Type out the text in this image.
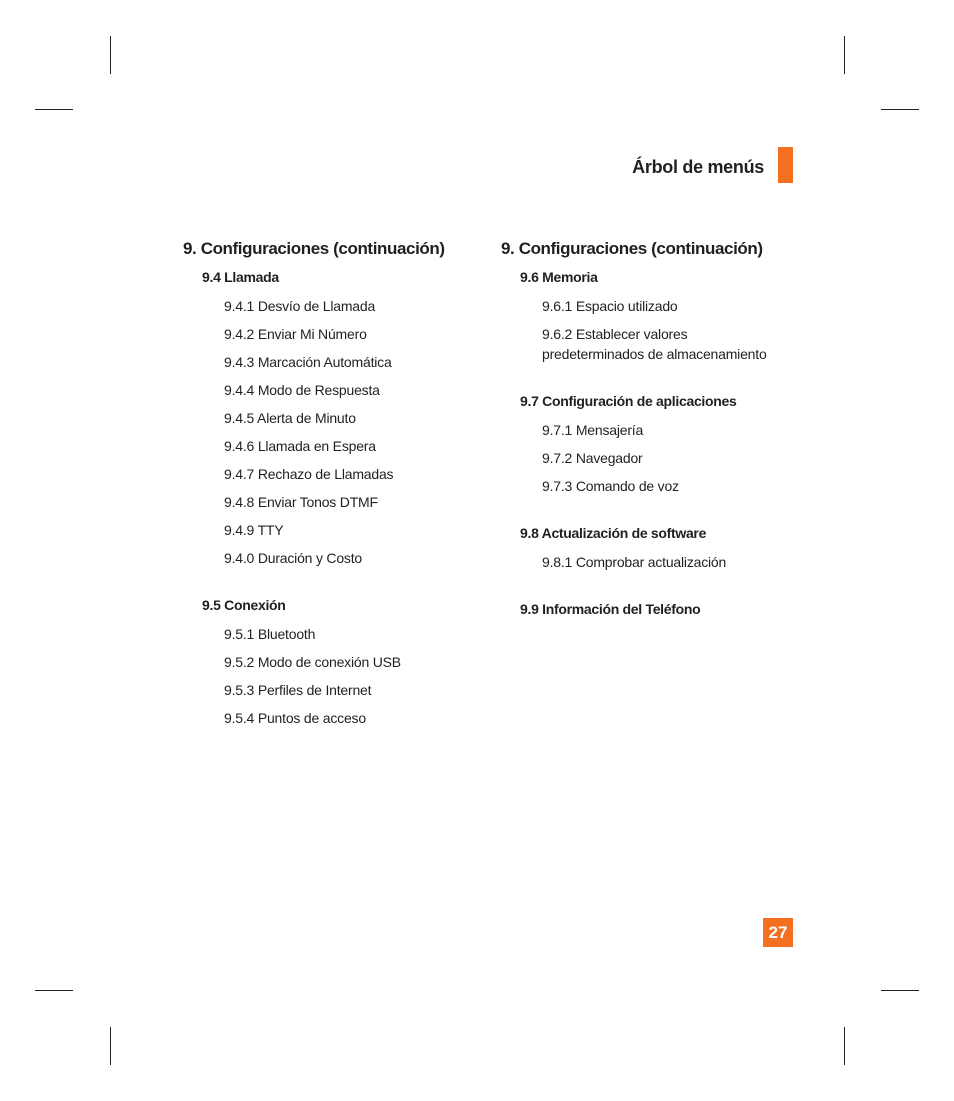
Árbol de menús
9. Configuraciones (continuación)
9.4 Llamada
9.4.1 Desvío de Llamada
9.4.2 Enviar Mi Número
9.4.3 Marcación Automática
9.4.4 Modo de Respuesta
9.4.5 Alerta de Minuto
9.4.6 Llamada en Espera
9.4.7 Rechazo de Llamadas
9.4.8 Enviar Tonos DTMF
9.4.9 TTY
9.4.0 Duración y Costo
9.5 Conexión
9.5.1 Bluetooth
9.5.2 Modo de conexión USB
9.5.3 Perfiles de Internet
9.5.4 Puntos de acceso
9. Configuraciones (continuación)
9.6 Memoria
9.6.1 Espacio utilizado
9.6.2 Establecer valores predeterminados de almacenamiento
9.7 Configuración de aplicaciones
9.7.1 Mensajería
9.7.2 Navegador
9.7.3 Comando de voz
9.8 Actualización de software
9.8.1 Comprobar actualización
9.9 Información del Teléfono
27
